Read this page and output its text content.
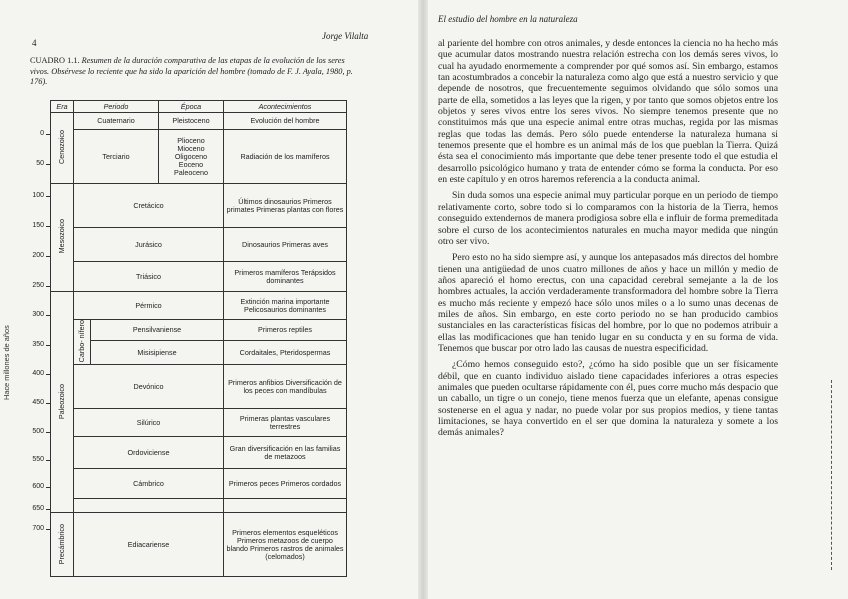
4
Jorge Vilalta
CUADRO 1.1. Resumen de la duración comparativa de las etapas de la evolución de los seres vivos. Obsérvese lo reciente que ha sido la aparición del hombre (tomado de F. J. Ayala, 1980, p. 176).
Hace millones de años
0
50
100
150
200
250
300
350
400
450
500
550
600
650
700
Era	Periodo		Época	Acontecimientos
Cenozoico	Cuaternario		Pleistoceno	Evolución del hombre
	Terciario		Plioceno
Mioceno
Oligoceno
Eoceno
Paleoceno	Radiación de los mamíferos
Mesozoico	Cretácico			Últimos dinosaurios Primeros primates Primeras plantas con flores
	Jurásico			Dinosaurios Primeras aves
	Triásico			Primeros mamíferos Terápsidos dominantes
Paleozoico	Pérmico			Extinción marina importante Pelicosaurios dominantes
	Carbo- nífero	Pensilvaniense		Primeros reptiles
		Misisipiense		Cordaitales, Pteridospermas
	Devónico			Primeros anfibios Diversificación de los peces con mandíbulas
	Silúrico			Primeras plantas vasculares terrestres
	Ordoviciense			Gran diversificación en las familias de metazoos
	Cámbrico			Primeros peces Primeros cordados

Precámbrico	Ediacariense			Primeros elementos esqueléticos Primeros metazoos de cuerpo blando Primeros rastros de animales (celomados)
El estudio del hombre en la naturaleza

al pariente del hombre con otros animales, y desde entonces la ciencia no ha hecho más que acumular datos mostrando nuestra relación estrecha con los demás seres vivos, lo cual ha ayudado enormemente a comprender por qué somos así. Sin embargo, estamos tan acostumbrados a concebir la naturaleza como algo que está a nuestro servicio y que depende de nosotros, que frecuentemente seguimos olvidando que sólo somos una parte de ella, sometidos a las leyes que la rigen, y por tanto que somos objetos entre los objetos y seres vivos entre los seres vivos. No siempre tenemos presente que no constituimos más que una especie animal entre otras muchas, regida por las mismas reglas que todas las demás. Pero sólo puede entenderse la naturaleza humana si tenemos presente que el hombre es un animal más de los que pueblan la Tierra. Quizá ésta sea el conocimiento más importante que debe tener presente todo el que estudia el desarrollo psicológico humano y trata de entender cómo se forma la conducta. Por eso en este capítulo y en otros haremos referencia a la conducta animal.

Sin duda somos una especie animal muy particular porque en un periodo de tiempo relativamente corto, sobre todo si lo comparamos con la historia de la Tierra, hemos conseguido extendernos de manera prodigiosa sobre ella e influir de forma premeditada sobre el curso de los acontecimientos naturales en mucha mayor medida que ningún otro ser vivo.

Pero esto no ha sido siempre así, y aunque los antepasados más directos del hombre tienen una antigüedad de unos cuatro millones de años y hace un millón y medio de años apareció el homo erectus, con una capacidad cerebral semejante a la de los hombres actuales, la acción verdaderamente transformadora del hombre sobre la Tierra es mucho más reciente y empezó hace sólo unos miles o a lo sumo unas decenas de miles de años. Sin embargo, en este corto periodo no se han producido cambios sustanciales en las características físicas del hombre, por lo que no podemos atribuir a ellas las modificaciones que han tenido lugar en su conducta y en su forma de vida. Tenemos que buscar por otro lado las causas de nuestra especificidad.

¿Cómo hemos conseguido esto?, ¿cómo ha sido posible que un ser físicamente débil, que en cuanto individuo aislado tiene capacidades inferiores a otras especies animales que pueden ocultarse rápidamente con él, pues corre mucho más despacio que un caballo, un tigre o un conejo, tiene menos fuerza que un elefante, apenas consigue sostenerse en el agua y nadar, no puede volar por sus propios medios, y tiene tantas limitaciones, se haya convertido en el ser que domina la naturaleza y somete a los demás animales?
